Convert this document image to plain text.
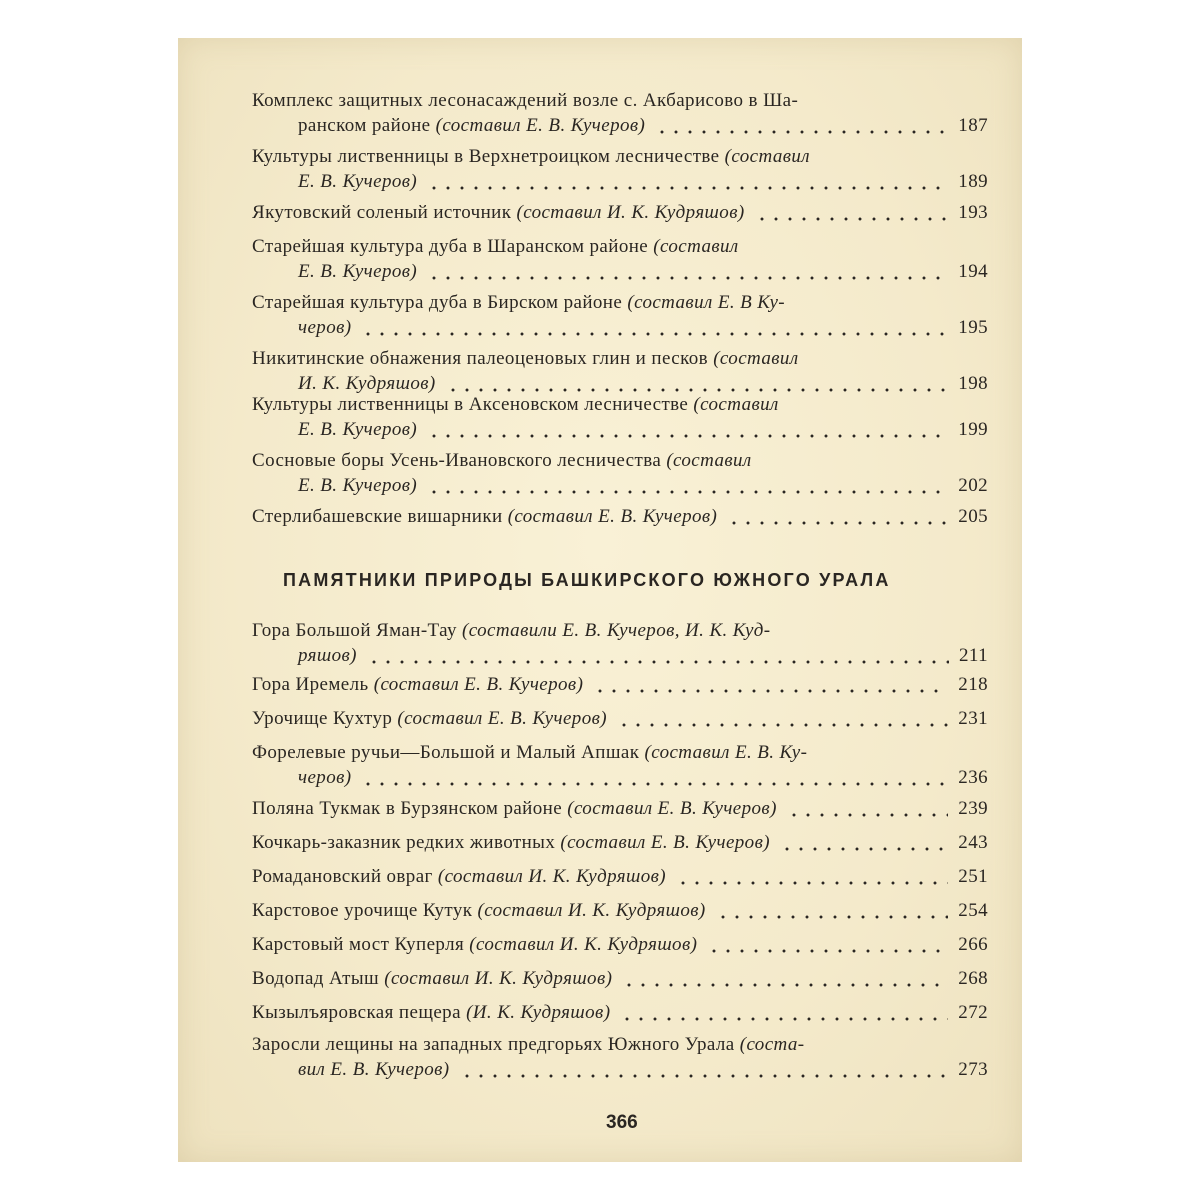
Комплекс защитных лесонасаждений возле с. Акбарисово в Ша-
ранском районе (составил Е. В. Кучеров)	187
Культуры лиственницы в Верхнетроицком лесничестве (составил
Е. В. Кучеров)	189
Якутовский соленый источник (составил И. К. Кудряшов)	193
Старейшая культура дуба в Шаранском районе (составил
Е. В. Кучеров)	194
Старейшая культура дуба в Бирском районе (составил Е. В Ку-
черов)	195
Никитинские обнажения палеоценовых глин и песков (составил
И. К. Кудряшов)	198
Культуры лиственницы в Аксеновском лесничестве (составил
Е. В. Кучеров)	199
Сосновые боры Усень-Ивановского лесничества (составил
Е. В. Кучеров)	202
Стерлибашевские вишарники (составил Е. В. Кучеров)	205
ПАМЯТНИКИ ПРИРОДЫ БАШКИРСКОГО ЮЖНОГО УРАЛА
Гора Большой Яман-Тау (составили Е. В. Кучеров, И. К. Куд-
ряшов)	211
Гора Иремель (составил Е. В. Кучеров)	218
Урочище Кухтур (составил Е. В. Кучеров)	231
Форелевые ручьи—Большой и Малый Апшак (составил Е. В. Ку-
черов)	236
Поляна Тукмак в Бурзянском районе (составил Е. В. Кучеров)	239
Кочкарь-заказник редких животных (составил Е. В. Кучеров)	243
Ромадановский овраг (составил И. К. Кудряшов)	251
Карстовое урочище Кутук (составил И. К. Кудряшов)	254
Карстовый мост Куперля (составил И. К. Кудряшов)	266
Водопад Атыш (составил И. К. Кудряшов)	268
Кызылъяровская пещера (И. К. Кудряшов)	272
Заросли лещины на западных предгорьях Южного Урала (соста-
вил Е. В. Кучеров)	273
366
